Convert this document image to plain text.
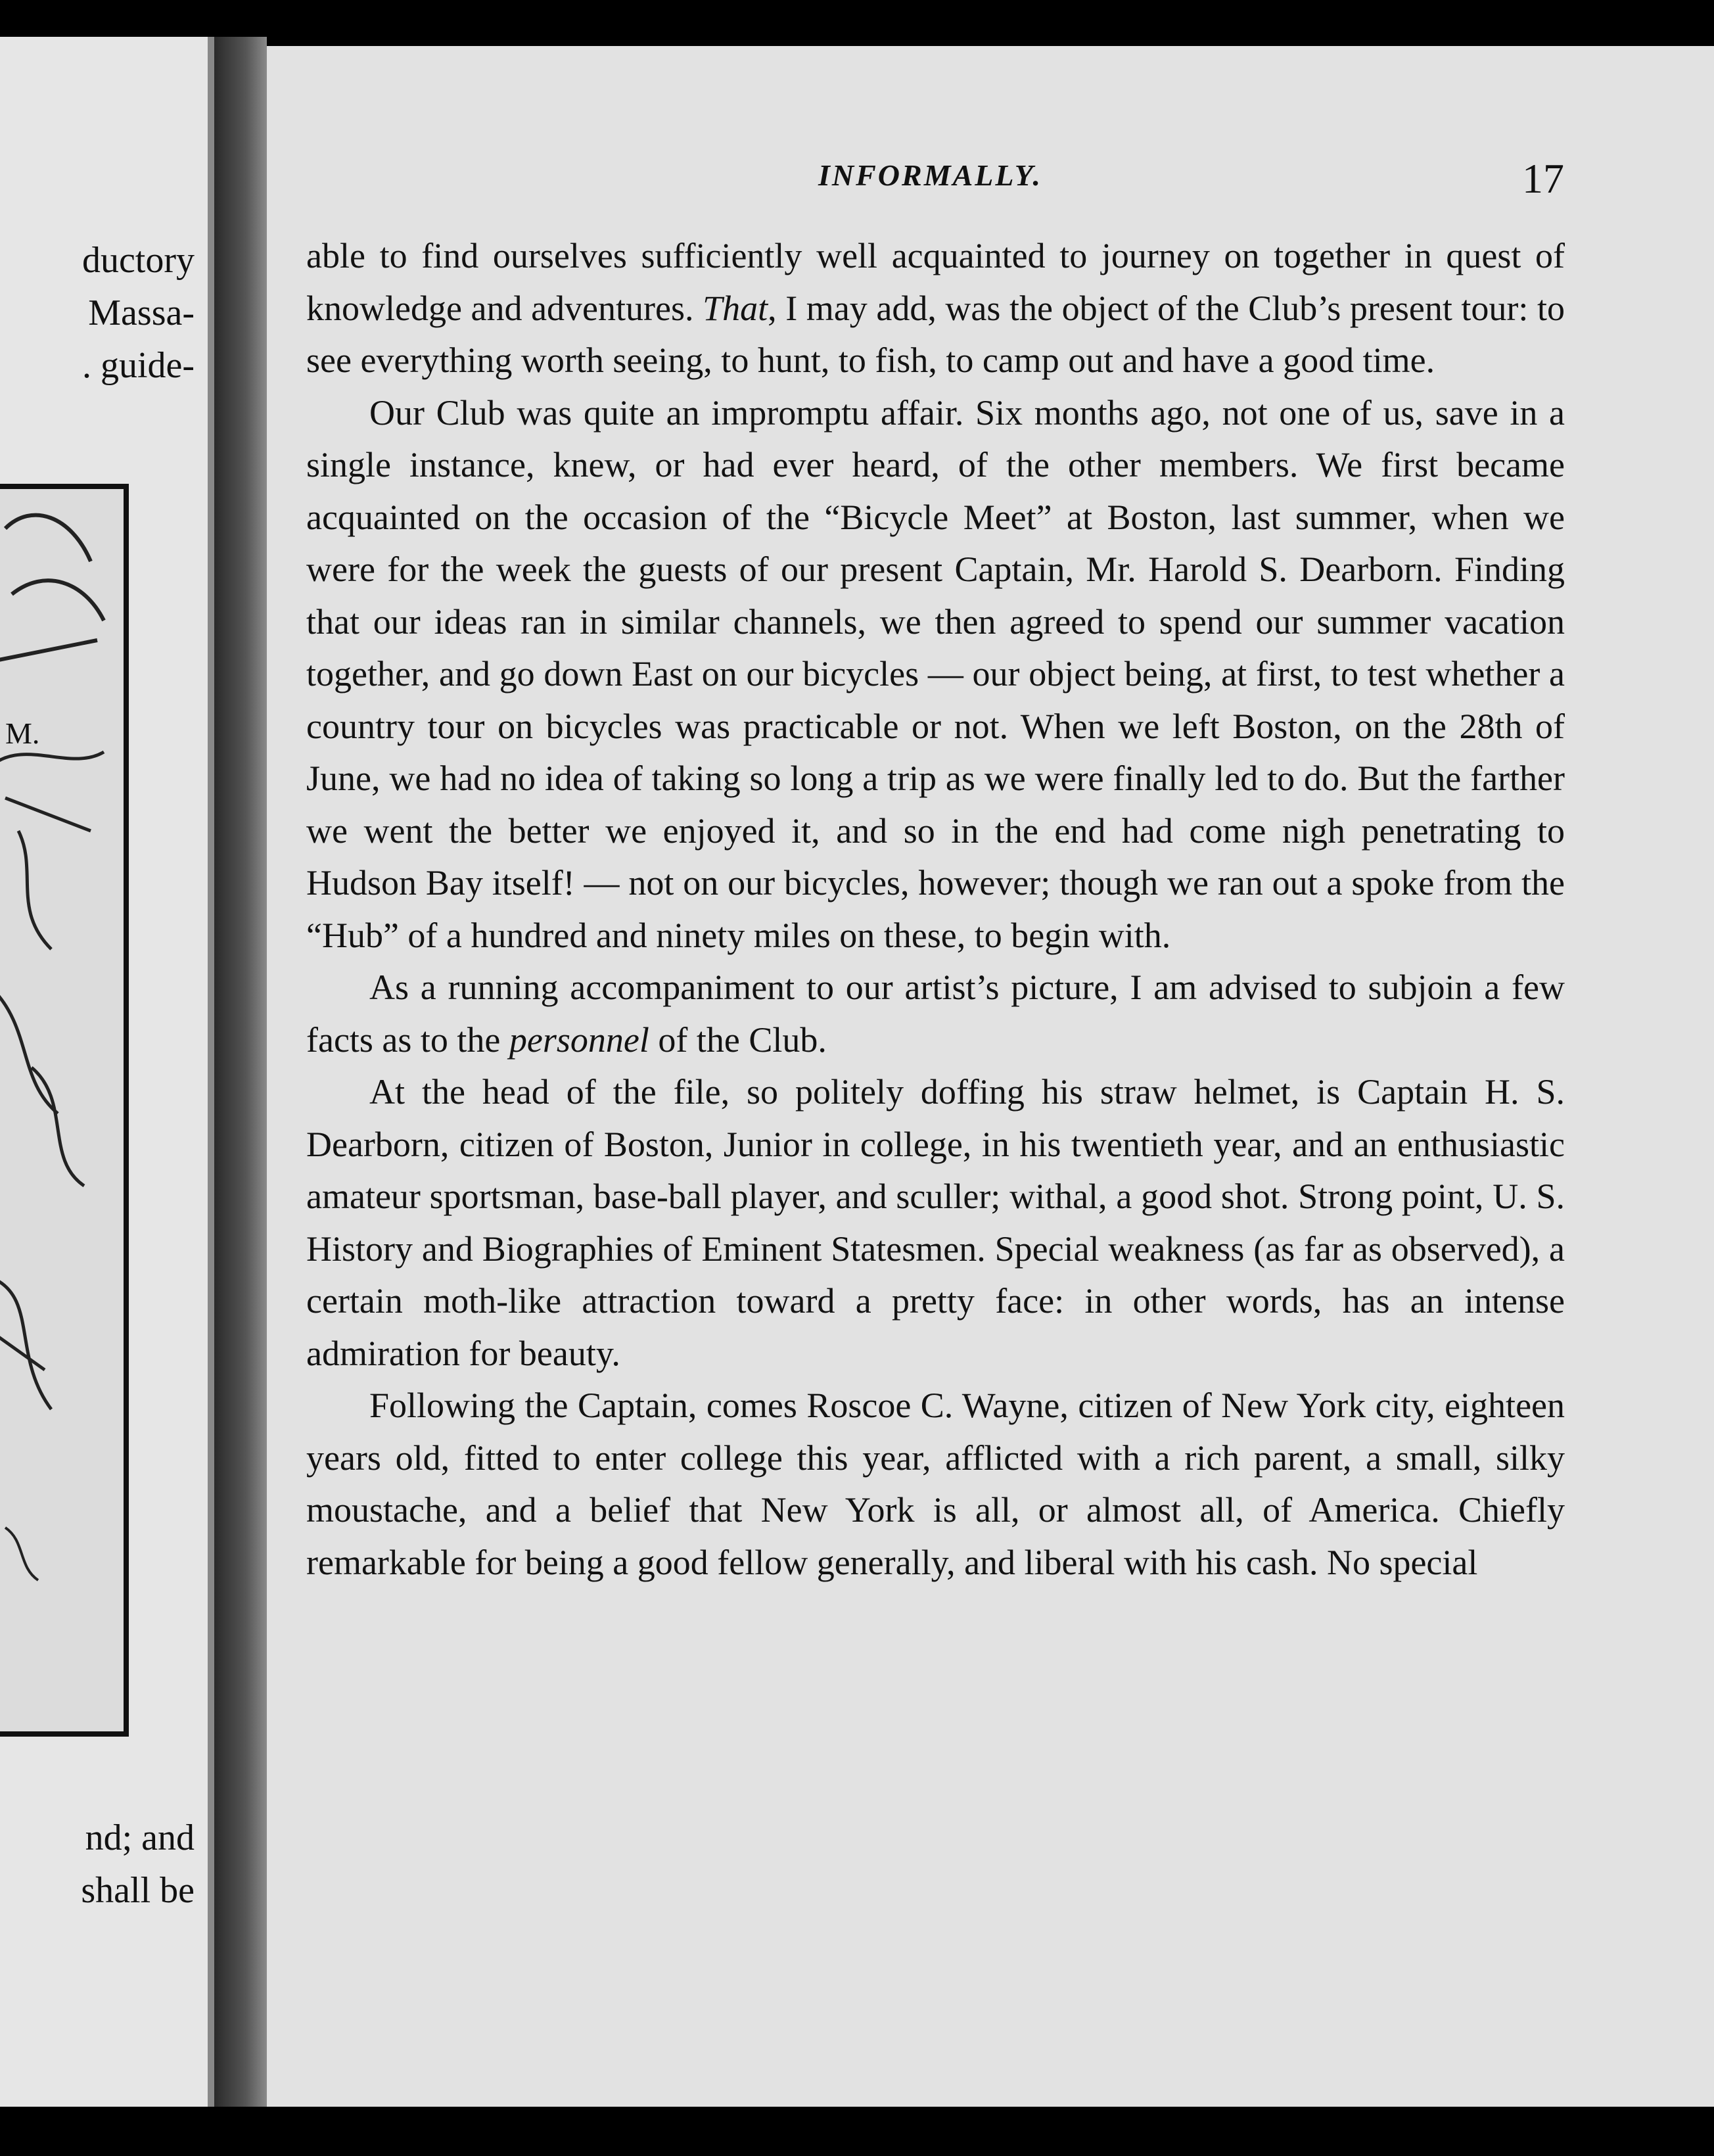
ductory
Massa-
. guide-
M.
nd; and
shall be
INFORMALLY.	17

able to find ourselves sufficiently well acquainted to journey on together in quest of knowledge and adventures. That, I may add, was the object of the Club’s present tour: to see everything worth seeing, to hunt, to fish, to camp out and have a good time.

Our Club was quite an impromptu affair. Six months ago, not one of us, save in a single instance, knew, or had ever heard, of the other members. We first became acquainted on the occasion of the “Bicycle Meet” at Boston, last summer, when we were for the week the guests of our present Captain, Mr. Harold S. Dearborn. Finding that our ideas ran in similar channels, we then agreed to spend our summer vacation together, and go down East on our bicycles — our object being, at first, to test whether a country tour on bicycles was practicable or not. When we left Boston, on the 28th of June, we had no idea of taking so long a trip as we were finally led to do. But the farther we went the better we enjoyed it, and so in the end had come nigh penetrating to Hudson Bay itself! — not on our bicycles, however; though we ran out a spoke from the “Hub” of a hundred and ninety miles on these, to begin with.

As a running accompaniment to our artist’s picture, I am advised to subjoin a few facts as to the personnel of the Club.

At the head of the file, so politely doffing his straw helmet, is Captain H. S. Dearborn, citizen of Boston, Junior in college, in his twentieth year, and an enthusiastic amateur sportsman, base-ball player, and sculler; withal, a good shot. Strong point, U. S. History and Biographies of Eminent Statesmen. Special weakness (as far as observed), a certain moth-like attraction toward a pretty face: in other words, has an intense admiration for beauty.

Following the Captain, comes Roscoe C. Wayne, citizen of New York city, eighteen years old, fitted to enter college this year, afflicted with a rich parent, a small, silky moustache, and a belief that New York is all, or almost all, of America. Chiefly remarkable for being a good fellow generally, and liberal with his cash. No special
